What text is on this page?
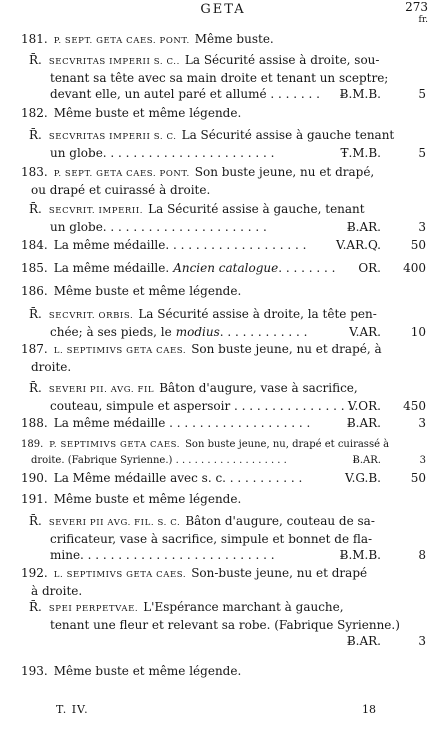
GETA	273
fr.
181. P. SEPT. GETA CAES. PONT. Même buste.
R̄. SECVRITAS IMPERII S. C.. La Sécurité assise à droite, sou-
tenant sa tête avec sa main droite et tenant un sceptre;
devant elle, un autel paré et allumé . . . . . . . Ƀ.M.B.	5
182. Même buste et même légende.
R̄. SECVRITAS IMPERII S. C. La Sécurité assise à gauche tenant
un globe. . . . . . . . . . . . . . . . . . . . . . .	Ŧ.M.B.	5
183. P. SEPT. GETA CAES. PONT. Son buste jeune, nu et drapé,
ou drapé et cuirassé à droite.
R̄. SECVRIT. IMPERII. La Sécurité assise à gauche, tenant
un globe. . . . . . . . . . . . . . . . . . . . . .	Ƀ.AR.	3
184. La même médaille. . . . . . . . . . . . . . . . . . . V.AR.Q.	50
185. La même médaille. Ancien catalogue. . . . . . . . OR.	400
186. Même buste et même légende.
R̄. SECVRIT. ORBIS. La Sécurité assise à droite, la tête pen-
chée; à ses pieds, le modius. . . . . . . . . . . .	V.AR.	10
187. L. SEPTIMIVS GETA CAES. Son buste jeune, nu et drapé, à
droite.
R̄. SEVERI PII. AVG. FIL Bâton d'augure, vase à sacrifice,
couteau, simpule et aspersoir . . . . . . . . . . . . . . . .
V.OR.	450
188. La même médaille . . . . . . . . . . . . . . . . . . .	Ƀ.AR.	3
189. P. SEPTIMIVS GETA CAES. Son buste jeune, nu, drapé et cuirassé à
droite. (Fabrique Syrienne.) . . . . . . . . . . . . . . . . . .	Ƀ.AR.	3
190. La Même médaille avec s. c. . . . . . . . . . .	V.G.B.	50
191. Même buste et même légende.
R̄. SEVERI PII AVG. FIL. S. C. Bâton d'augure, couteau de sa-
crificateur, vase à sacrifice, simpule et bonnet de fla-
mine. . . . . . . . . . . . . . . . . . . . . . . . . .	Ƀ.M.B.	8
192. L. SEPTIMIVS GETA CAES. Son-buste jeune, nu et drapé
à droite.
R̄. SPEI PERPETVAE. L'Espérance marchant à gauche,
tenant une fleur et relevant sa robe. (Fabrique Syrienne.)
Ƀ.AR.	3
193. Même buste et même légende.
T. IV.	18
